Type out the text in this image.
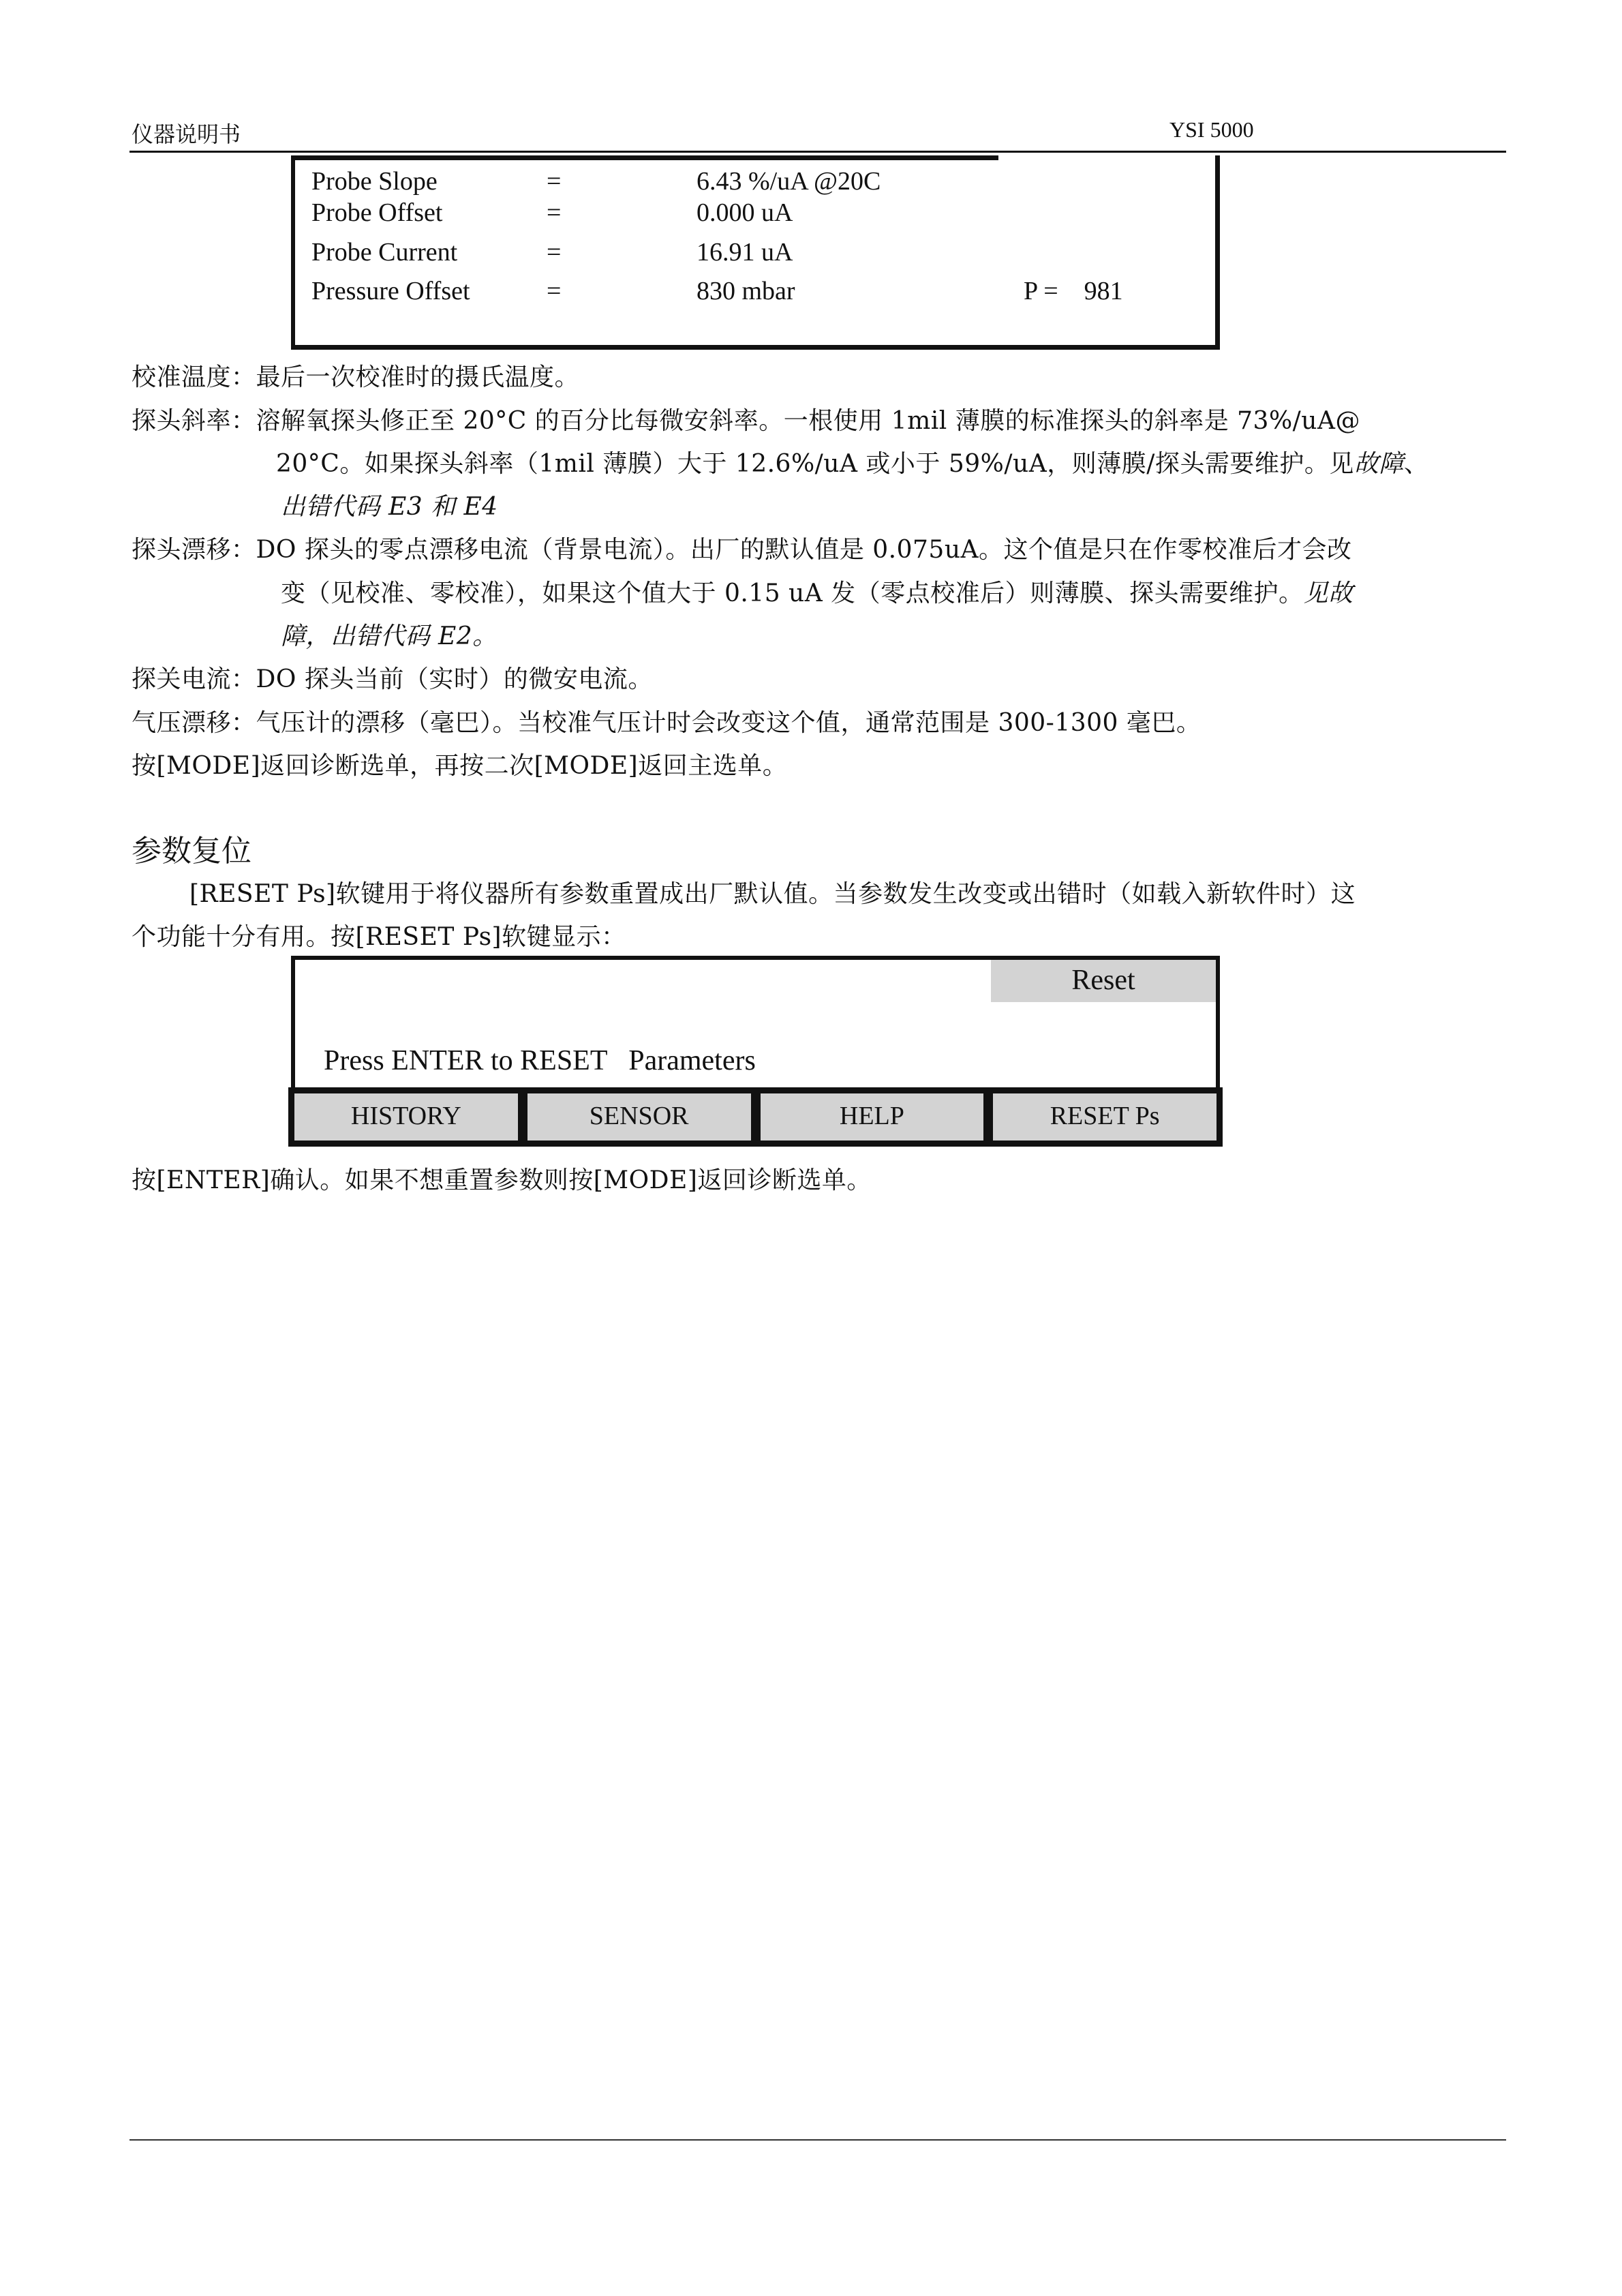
仪器说明书	YSI 5000
Probe Slope	=	6.43 %/uA @20C
Probe Offset	=	0.000 uA
Probe Current	=	16.91 uA
Pressure Offset	=	830 mbar	P =    981
校准温度：最后一次校准时的摄氏温度。
探头斜率：溶解氧探头修正至 20°C 的百分比每微安斜率。一根使用 1mil 薄膜的标准探头的斜率是 73%/uA@
20°C。如果探头斜率（1mil 薄膜）大于 12.6%/uA 或小于 59%/uA，则薄膜/探头需要维护。见故障、
出错代码 E3 和 E4
探头漂移：DO 探头的零点漂移电流（背景电流）。出厂的默认值是 0.075uA。这个值是只在作零校准后才会改
变（见校准、零校准），如果这个值大于 0.15 uA 发（零点校准后）则薄膜、探头需要维护。见故
障，出错代码 E2。
探关电流：DO 探头当前（实时）的微安电流。
气压漂移：气压计的漂移（毫巴）。当校准气压计时会改变这个值，通常范围是 300-1300 毫巴。
按[MODE]返回诊断选单，再按二次[MODE]返回主选单。
参数复位
[RESET Ps]软键用于将仪器所有参数重置成出厂默认值。当参数发生改变或出错时（如载入新软件时）这
个功能十分有用。按[RESET Ps]软键显示：
Reset
Press ENTER to RESET   Parameters
HISTORY	SENSOR	HELP	RESET Ps
按[ENTER]确认。如果不想重置参数则按[MODE]返回诊断选单。
